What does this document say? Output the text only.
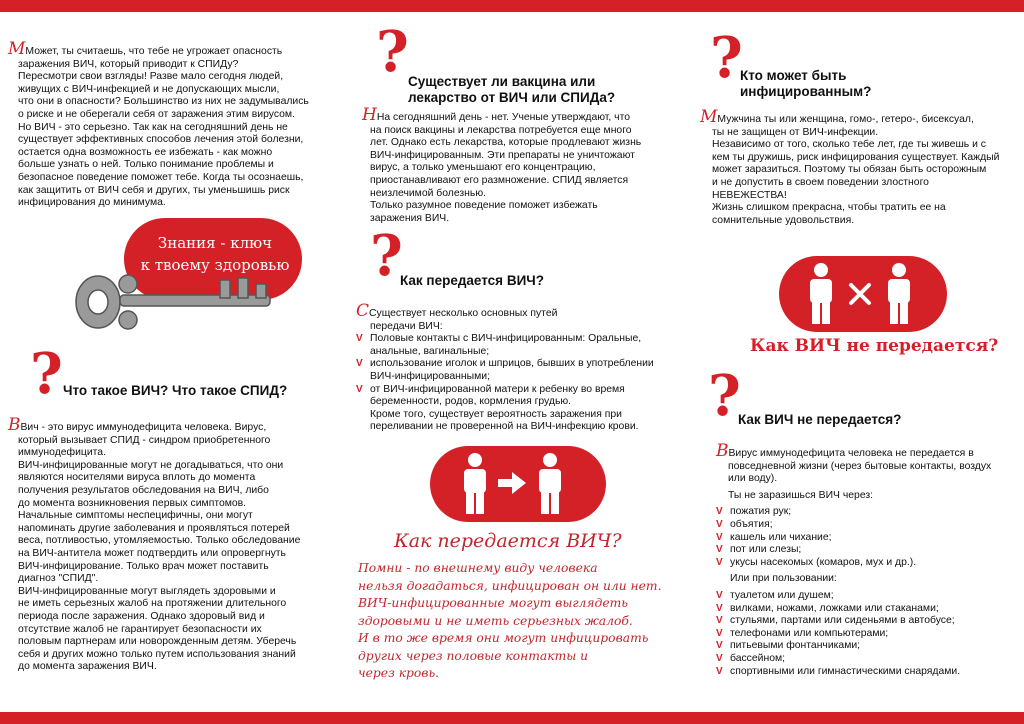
ММожет, ты считаешь, что тебе не угрожает опасность

заражения ВИЧ, который приводит к СПИДу?

Пересмотри свои взгляды! Разве мало сегодня людей,

живущих с ВИЧ-инфекцией и не допускающих мысли,

что они в опасности? Большинство из них не задумывались

о риске и не оберегали себя от заражения этим вирусом.

Но ВИЧ - это серьезно. Так как на сегодняшний день не

существует эффективных способов лечения этой болезни,

остается одна возможность ее избежать - как можно

больше узнать о ней. Только понимание проблемы и

безопасное поведение поможет тебе. Когда ты осознаешь,

как защитить от ВИЧ себя и других, ты уменьшишь риск

инфицирования до минимума.

Знания - ключ
к твоему здоровью
? Что такое ВИЧ? Что такое СПИД?

ВВич - это вирус иммунодефицита человека. Вирус,

который вызывает СПИД - синдром приобретенного

иммунодефицита.

ВИЧ-инфицированные могут не догадываться, что они

являются носителями вируса вплоть до момента

получения результатов обследования на ВИЧ, либо

до момента возникновения первых симптомов.

Начальные симптомы неспецифичны, они могут

напоминать другие заболевания и проявляться потерей

веса, потливостью, утомляемостью. Только обследование

на ВИЧ-антитела может подтвердить или опровергнуть

ВИЧ-инфицирование. Только врач может поставить

диагноз "СПИД".

ВИЧ-инфицированные могут выглядеть здоровыми и

не иметь серьезных жалоб на протяжении длительного

периода после заражения. Однако здоровый вид и

отсутствие жалоб не гарантирует безопасности их

половым партнерам или новорожденным детям. Уберечь

себя и других можно только путем использования знаний

до момента заражения ВИЧ.

? Существует ли вакцина или
лекарство от ВИЧ или СПИДа?

ННа сегодняшний день - нет. Ученые утверждают, что

на поиск вакцины и лекарства потребуется еще много

лет. Однако есть лекарства, которые продлевают жизнь

ВИЧ-инфицированным. Эти препараты не уничтожают

вирус, а только уменьшают его концентрацию,

приостанавливают его размножение. СПИД является

неизлечимой болезнью.

Только разумное поведение поможет избежать

заражения ВИЧ.

?
Как передается ВИЧ?

ССуществует несколько основных путей

передачи ВИЧ:

V Половые контакты с ВИЧ-инфицированным: Оральные,
анальные, вагинальные;
V использование иголок и шприцов, бывших в употреблении
ВИЧ-инфицированными;
V от ВИЧ-инфицированной матери к ребенку во время
беременности, родов, кормления грудью.

Кроме того, существует вероятность заражения при

переливании не проверенной на ВИЧ-инфекцию крови.

Как передается ВИЧ?
Помни - по внешнему виду человека
нельзя догадаться, инфицирован он или нет.
ВИЧ-инфицированные могут выглядеть
здоровыми и не иметь серьезных жалоб.
И в то же время они могут инфицировать
других через половые контакты и
через кровь.
?
Кто может быть
инфицированным?

ММужчина ты или женщина, гомо-, гетеро-, бисексуал,

ты не защищен от ВИЧ-инфекции.

Независимо от того, сколько тебе лет, где ты живешь и с

кем ты дружишь, риск инфицирования существует. Каждый

может заразиться. Поэтому ты обязан быть осторожным

и не допустить в своем поведении злостного

НЕВЕЖЕСТВА!

Жизнь слишком прекрасна, чтобы тратить ее на

сомнительные удовольствия.

Как ВИЧ не передается?
?
Как ВИЧ не передается?

ВВирус иммунодефицита человека не передается в

повседневной жизни (через бытовые контакты, воздух

или воду).

Ты не заразишься ВИЧ через:

V пожатия рук;
V объятия;
V кашель или чихание;
V пот или слезы;
V укусы насекомых (комаров, мух и др.).

Или при пользовании:

V туалетом или душем;
V вилками, ножами, ложками или стаканами;
V стульями, партами или сиденьями в автобусе;
V телефонами или компьютерами;
V питьевыми фонтанчиками;
V бассейном;
V спортивными или гимнастическими снарядами.
